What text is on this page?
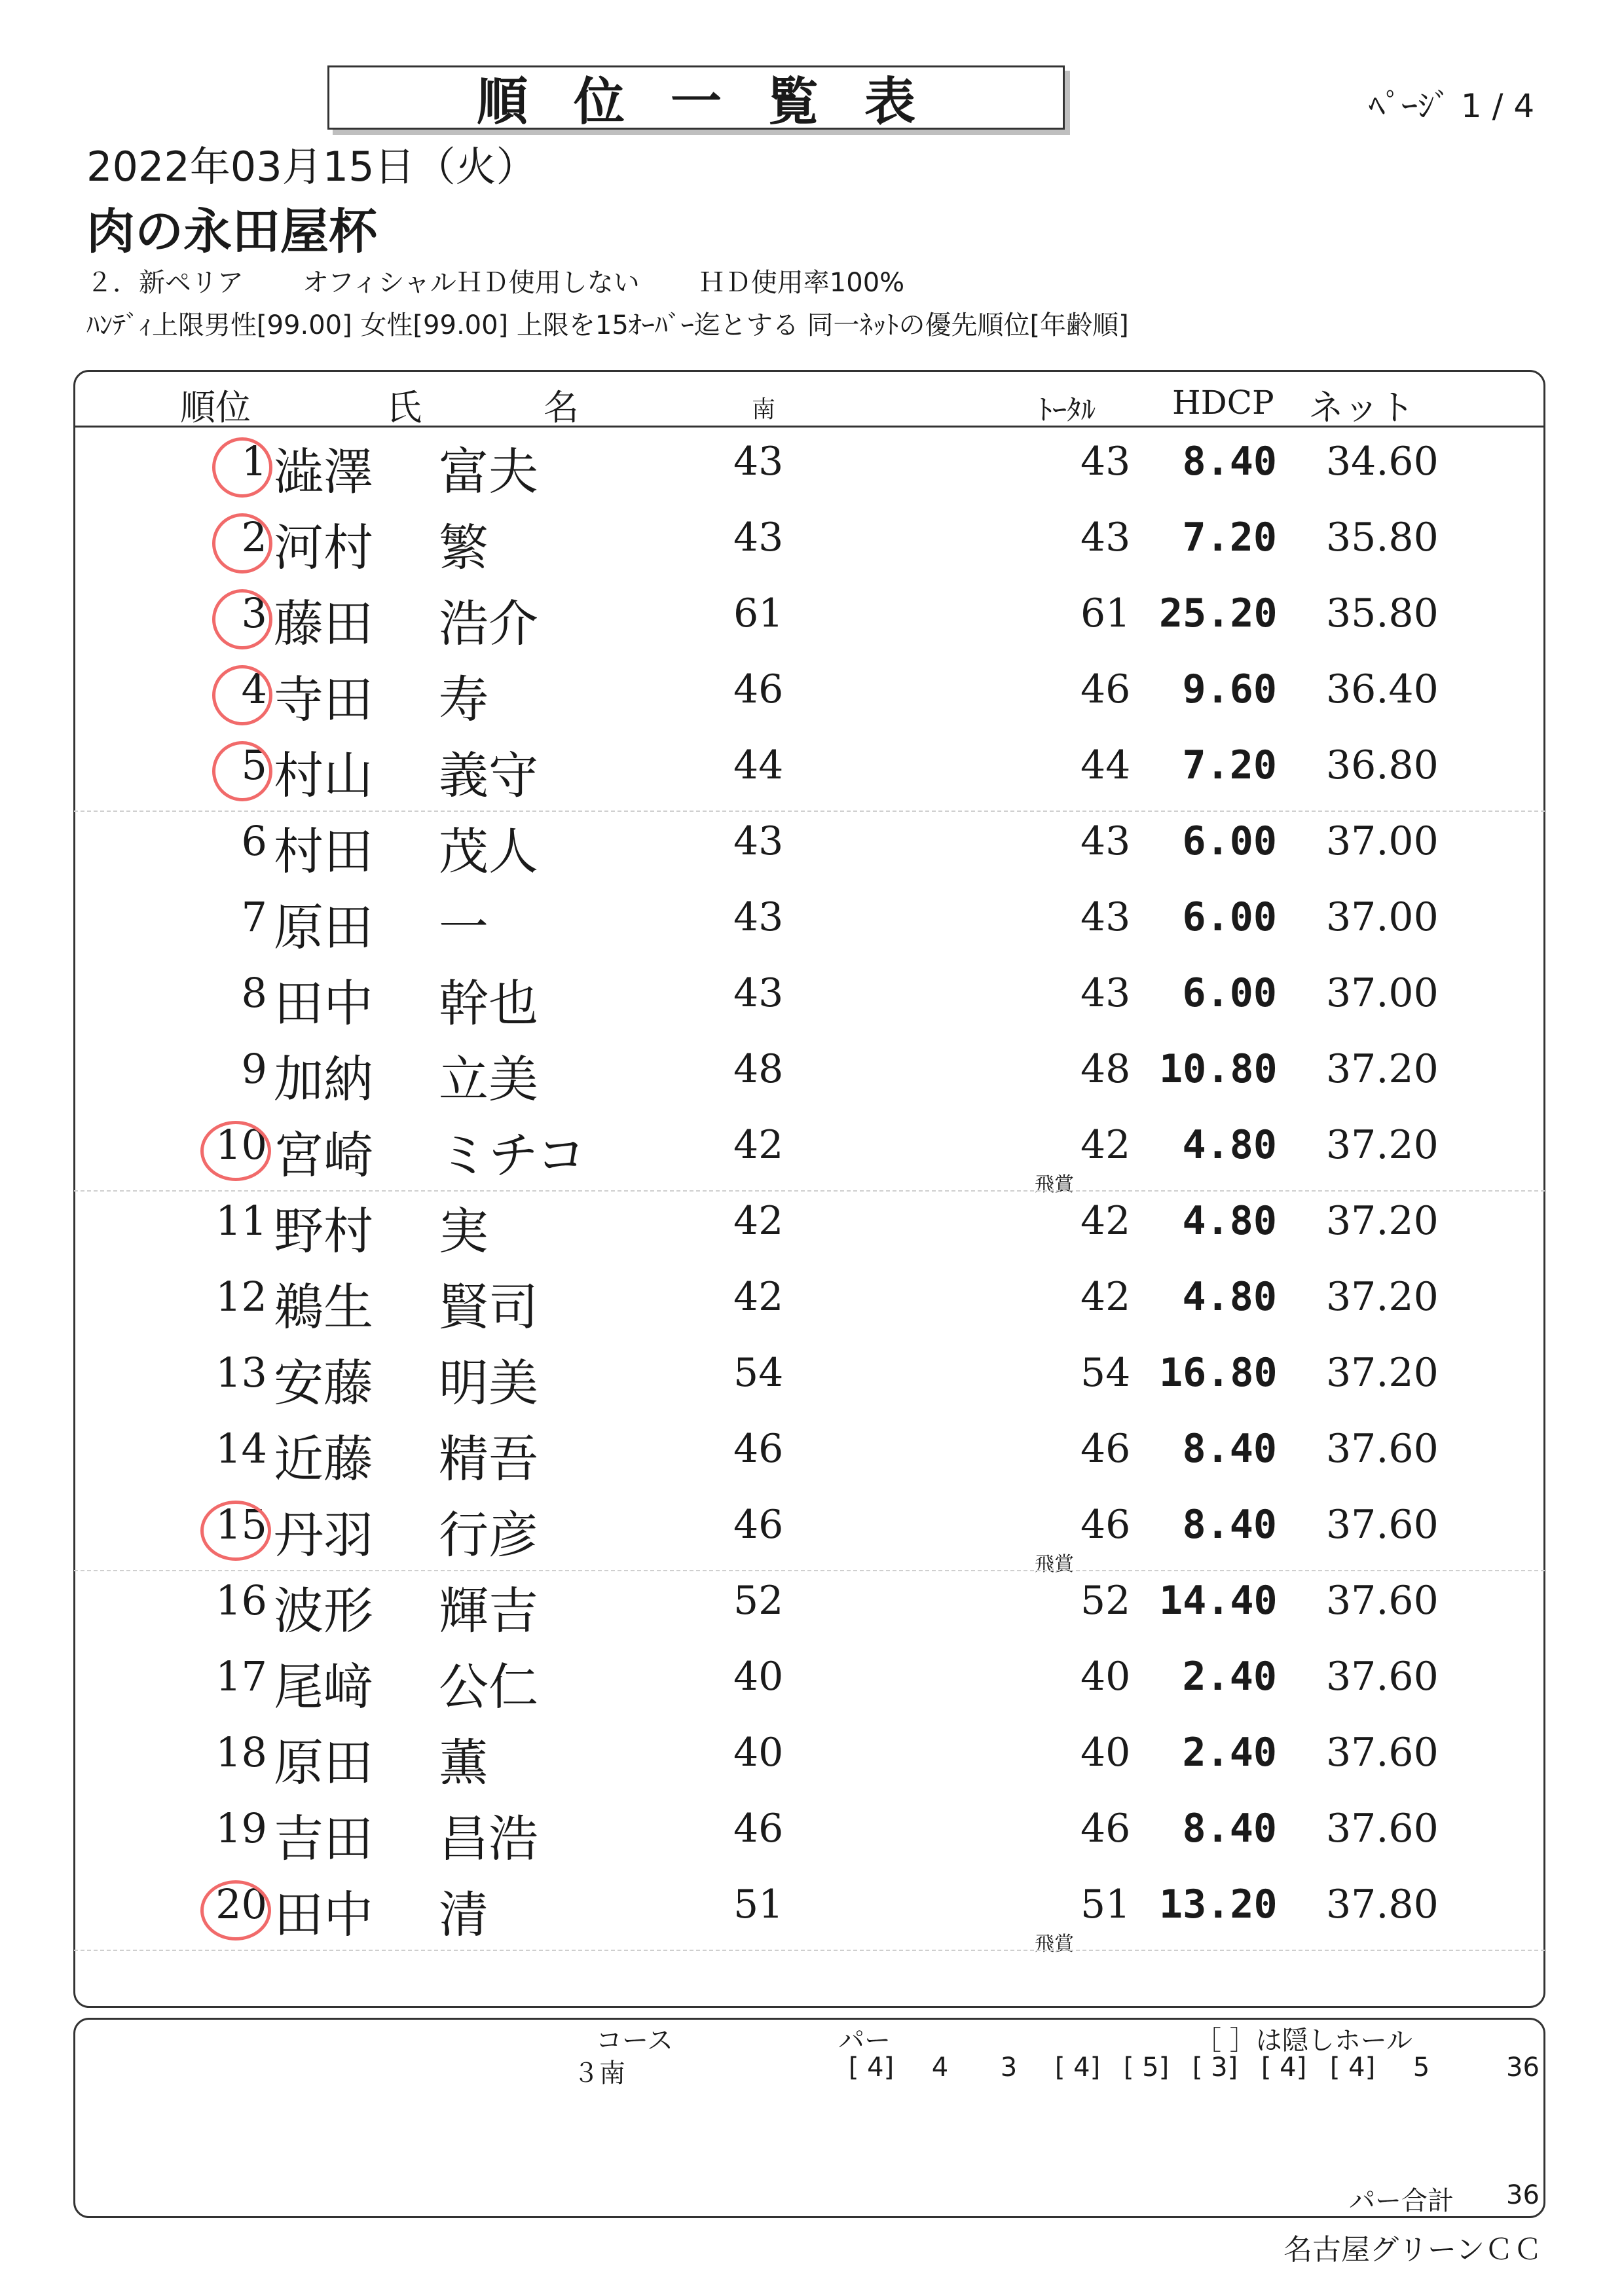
順位一覧表	ﾍﾟｰｼﾞ 1 / 4
2022年03月15日（火）
肉の永田屋杯
２．新ペリア オフィシャルＨＤ使用しない ＨＤ使用率100%
ﾊﾝﾃﾞｨ上限男性[99.00] 女性[99.00] 上限を15ｵｰﾊﾞｰ迄とする 同一ﾈｯﾄの優先順位[年齢順]
順位	氏	名	南	ﾄｰﾀﾙ HDCP ネット
1 澁澤 富夫	43	43	8.40 34.60
2 河村 繁	43	43	7.20 35.80
3 藤田 浩介	61	61 25.20 35.80
4 寺田 寿	46	46	9.60 36.40
5 村山 義守	44	44	7.20 36.80
6 村田 茂人	43	43	6.00 37.00
7 原田 一	43	43	6.00 37.00
8 田中 幹也	43	43	6.00 37.00
9 加納 立美	48	48 10.80 37.20
10 宮崎 ミチコ	42	42	4.80 37.20
飛賞
11 野村 実	42	42	4.80 37.20
12 鵜生 賢司	42	42	4.80 37.20
13 安藤 明美	54	54 16.80 37.20
14 近藤 精吾	46	46	8.40 37.60
15 丹羽 行彦	46	46	8.40 37.60
飛賞
16 波形 輝吉	52	52 14.40 37.60
17 尾﨑 公仁	40	40	2.40 37.60
18 原田 薫	40	40	2.40 37.60
19 吉田 昌浩	46	46	8.40 37.60
20 田中 清	51	51 13.20 37.80
飛賞
コース
３南
パー	［ ］は隠しホール
[ 4]	4	3	[ 4] [ 5] [ 3] [ 4] [ 4]	5	36
パー合計 36
名古屋グリーンＣＣ
